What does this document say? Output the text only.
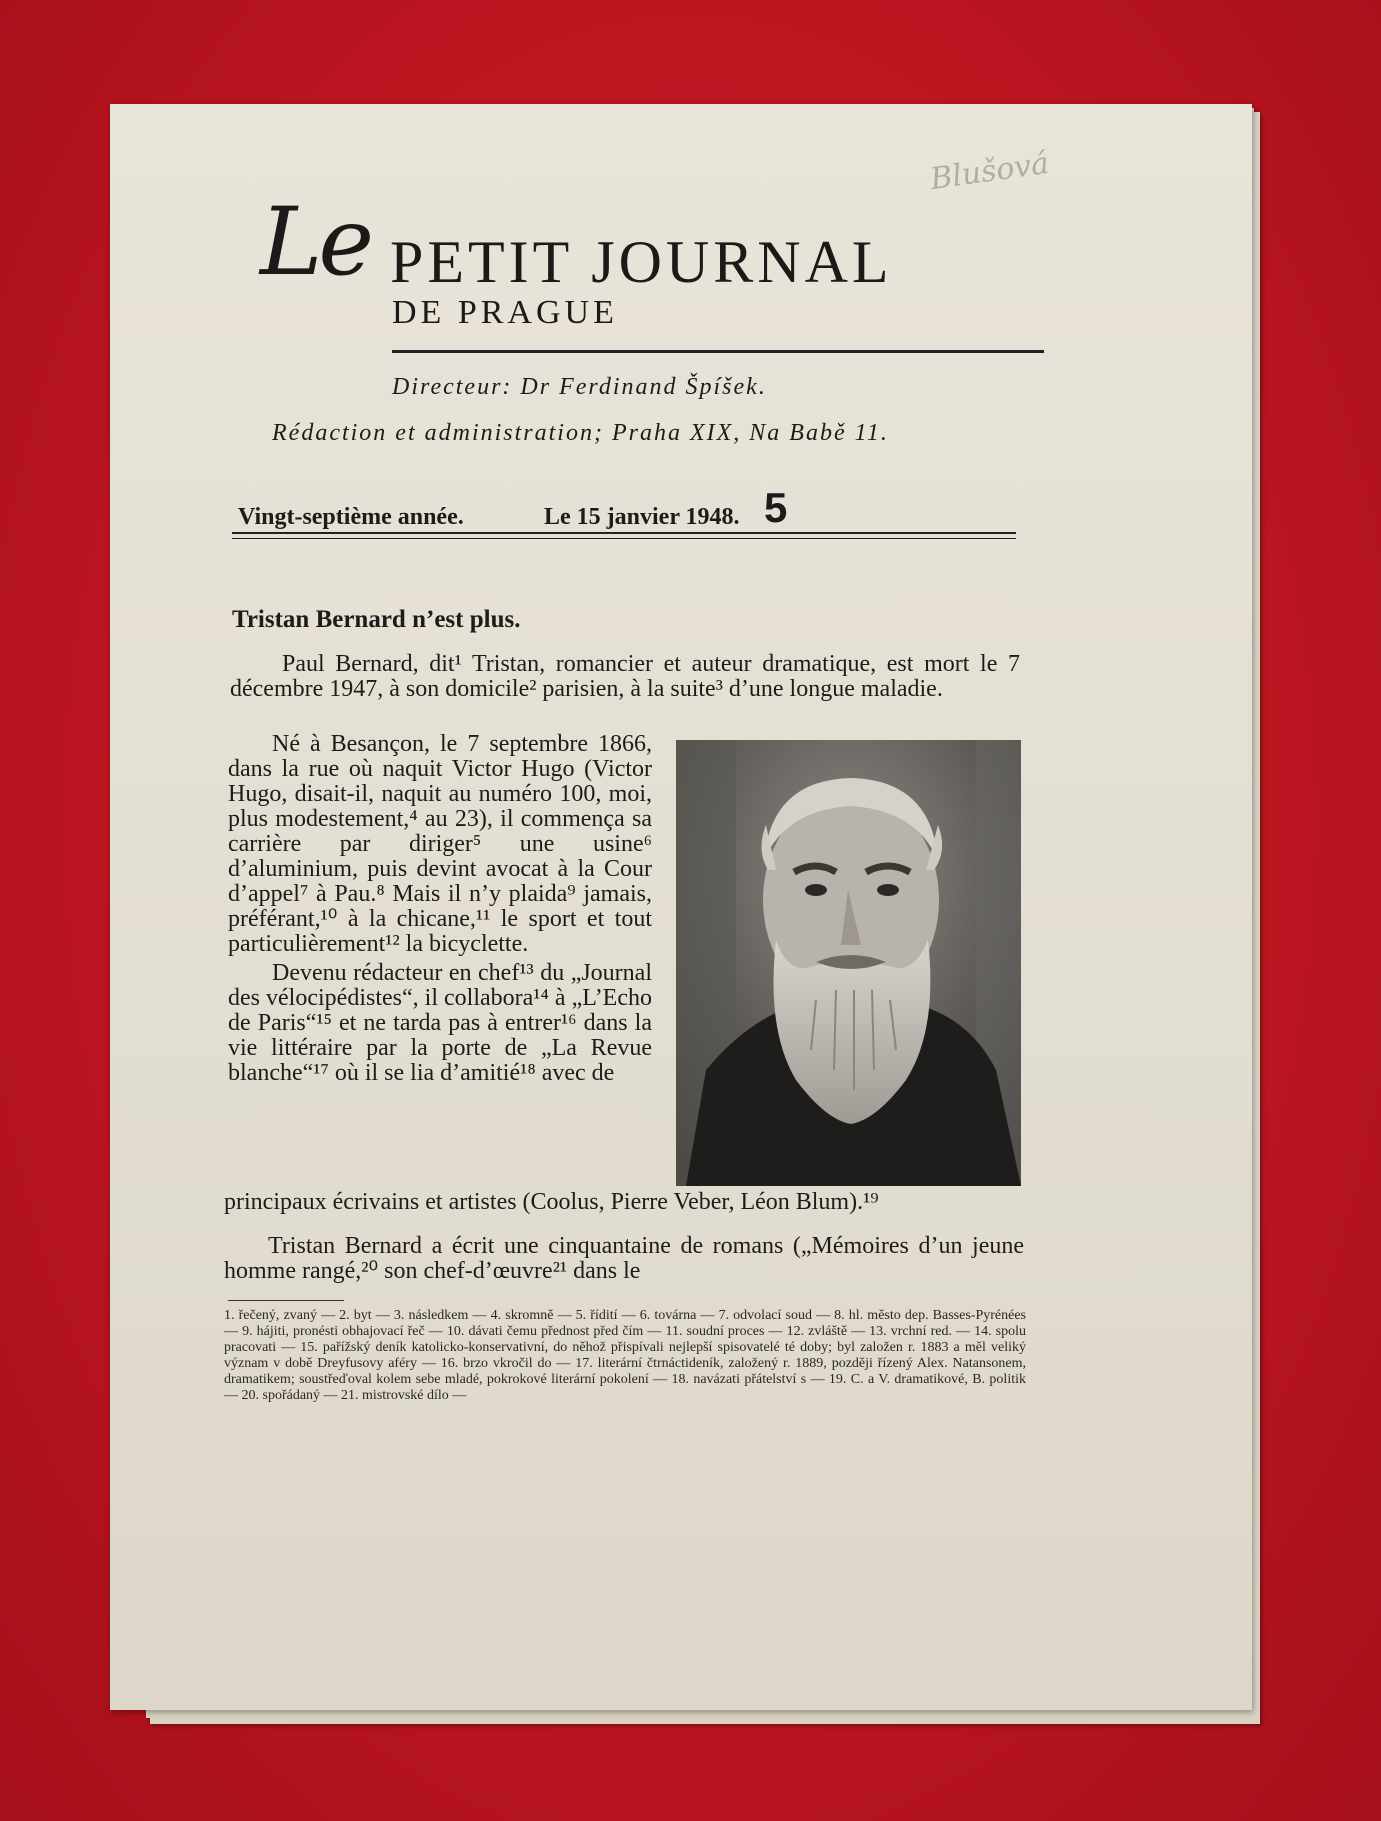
Blušová
Le PETIT JOURNAL
DE PRAGUE
Directeur: Dr Ferdinand Špíšek.
Rédaction et administration; Praha XIX, Na Babě 11.
Vingt-septième année.	Le 15 janvier 1948. 5
Tristan Bernard n’est plus.
Paul Bernard, dit¹ Tristan, romancier et auteur dramatique, est mort le 7 décembre 1947, à son domicile² parisien, à la suite³ d’une longue maladie.

Né à Besançon, le 7 septembre 1866, dans la rue où naquit Victor Hugo (Victor Hugo, disait-il, naquit au numéro 100, moi, plus modestement,⁴ au 23), il commença sa carrière par diriger⁵ une usine⁶ d’aluminium, puis devint avocat à la Cour d’appel⁷ à Pau.⁸ Mais il n’y plaida⁹ jamais, préférant,¹⁰ à la chicane,¹¹ le sport et tout particulièrement¹² la bicyclette.

Devenu rédacteur en chef¹³ du „Journal des vélocipédistes“, il collabora¹⁴ à „L’Echo de Paris“¹⁵ et ne tarda pas à entrer¹⁶ dans la vie littéraire par la porte de „La Revue blanche“¹⁷ où il se lia d’amitié¹⁸ avec de

principaux écrivains et artistes (Coolus, Pierre Veber, Léon Blum).¹⁹

Tristan Bernard a écrit une cinquantaine de romans („Mémoires d’un jeune homme rangé,²⁰ son chef-d’œuvre²¹ dans le
1. řečený, zvaný — 2. byt — 3. následkem — 4. skromně — 5. řídití — 6. továrna — 7. odvolací soud — 8. hl. město dep. Basses-Pyrénées — 9. hájiti, pronésti obhajovací řeč — 10. dávati čemu přednost před čím — 11. soudní proces — 12. zvláště — 13. vrchní red. — 14. spolu pracovati — 15. pařížský deník katolicko-konservativní, do něhož přispívali nejlepší spisovatelé té doby; byl založen r. 1883 a měl veliký význam v době Dreyfusovy aféry — 16. brzo vkročil do — 17. literární čtrnáctideník, založený r. 1889, později řízený Alex. Natansonem, dramatikem; soustřeďoval kolem sebe mladé, pokrokové literární pokolení — 18. navázati přátelství s — 19. C. a V. dramatikové, B. politik — 20. spořádaný — 21. mistrovské dílo —
